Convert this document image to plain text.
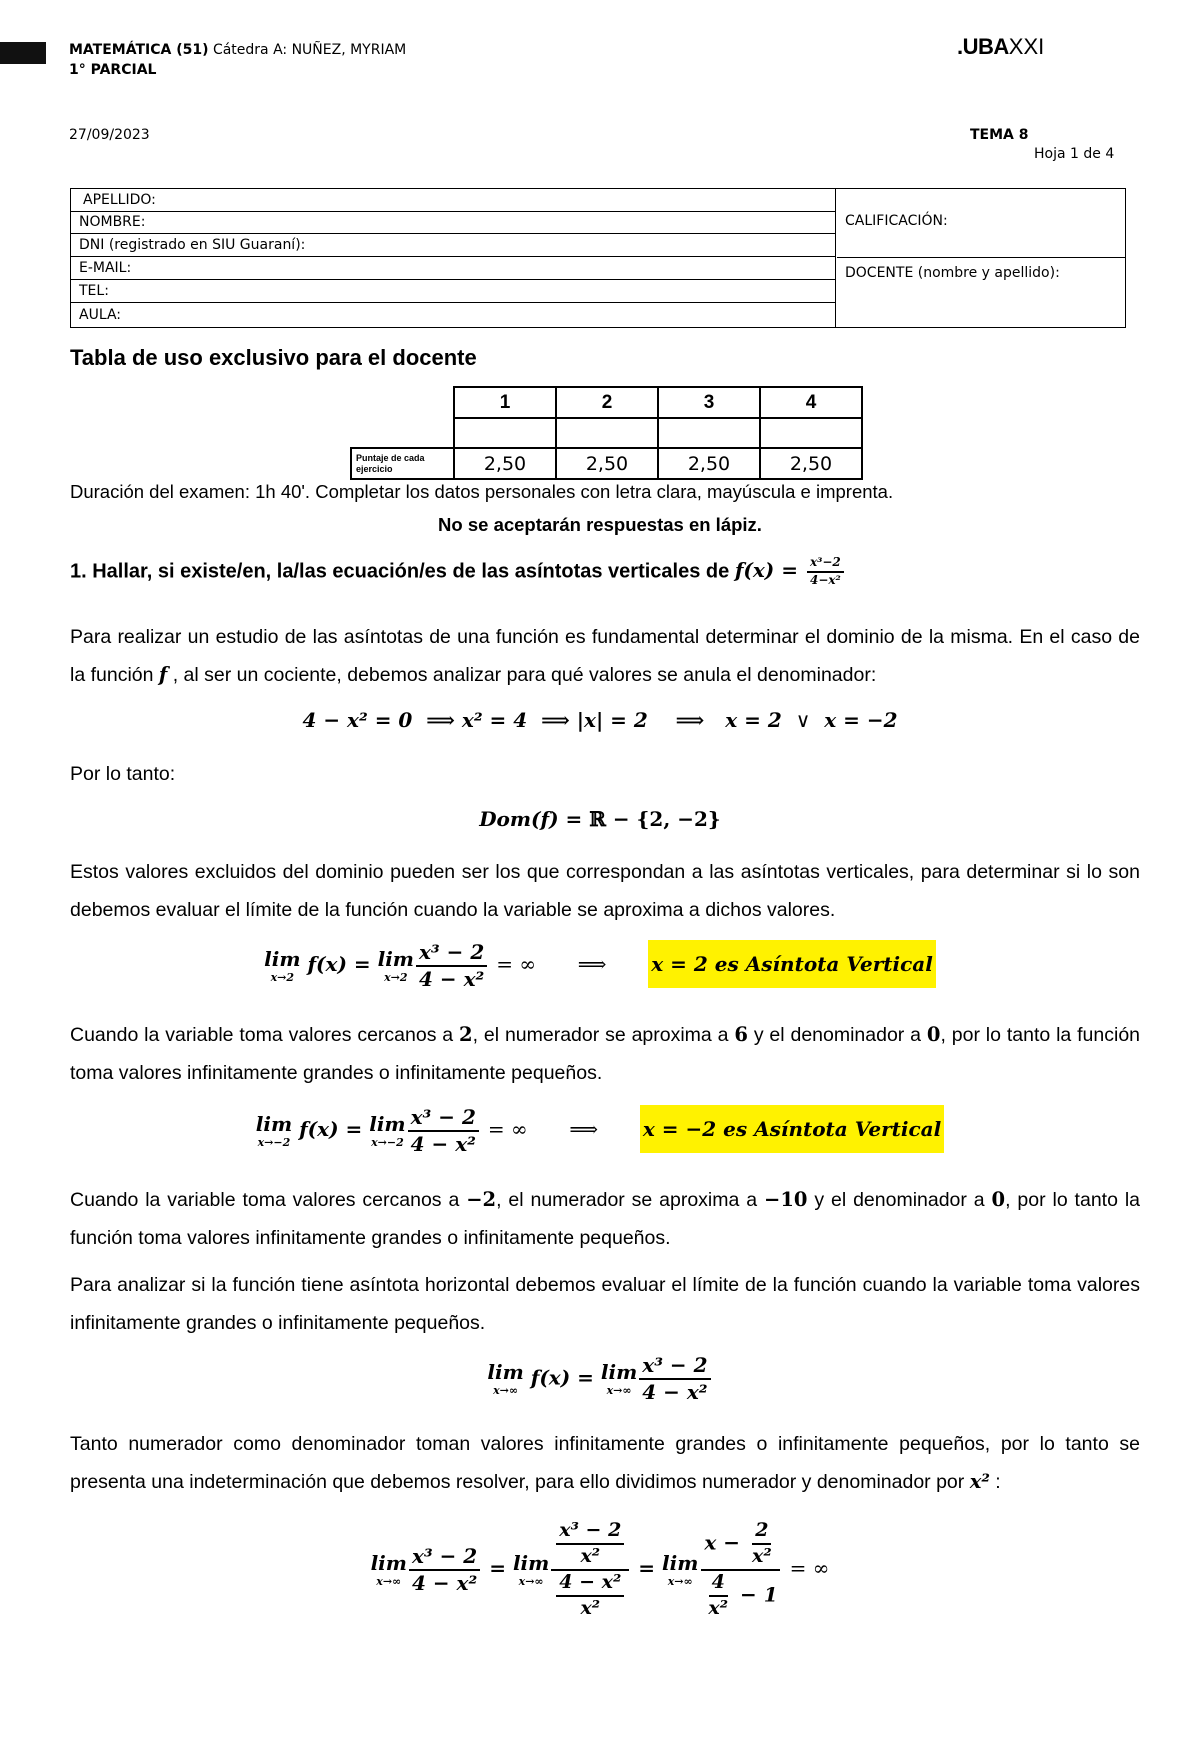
MATEMÁTICA (51) Cátedra A: NUÑEZ, MYRIAM
1° PARCIAL
.UBAXXI
27/09/2023	TEMA 8
Hoja 1 de 4
APELLIDO:
NOMBRE:
DNI (registrado en SIU Guaraní):
E-MAIL:
TEL:
AULA:
CALIFICACIÓN:
DOCENTE (nombre y apellido):
Tabla de uso exclusivo para el docente
	1	2	3	4

Puntaje de cada ejercicio	2,50	2,50	2,50	2,50
Duración del examen: 1h 40'. Completar los datos personales con letra clara, mayúscula e imprenta.
No se aceptarán respuestas en lápiz.
1. Hallar, si existe/en, la/las ecuación/es de las asíntotas verticales de $f(x) = \frac{\text{x³−2}}{\text{4−x²}}$
Para realizar un estudio de las asíntotas de una función es fundamental determinar el dominio de la misma. En el caso de la función f , al ser un cociente, debemos analizar para qué valores se anula el denominador:
4 − x² = 0  ⟹ x² = 4  ⟹ |x| = 2    ⟹   x = 2  ∨  x = −2
Por lo tanto:
Dom(f) = ℝ − {2, −2}
Estos valores excluidos del dominio pueden ser los que correspondan a las asíntotas verticales, para determinar si lo son debemos evaluar el límite de la función cuando la variable se aproxima a dichos valores.
lim
x→2
f(x) = lim
$x\to 2 \frac{\text{x³ − 2}}{\text{4 − x²}}$ = ∞ ⟹ x = 2 es Asíntota Vertical
Cuando la variable toma valores cercanos a 2, el numerador se aproxima a 6 y el denominador a 0, por lo tanto la función toma valores infinitamente grandes o infinitamente pequeños.
lim
x→−2
f(x) = lim
$x\to-2 \frac{\text{x³ − 2}}{\text{4 − x²}}$ = ∞ ⟹ x = −2 es Asíntota Vertical
Cuando la variable toma valores cercanos a −2, el numerador se aproxima a −10 y el denominador a 0, por lo tanto la función toma valores infinitamente grandes o infinitamente pequeños.
Para analizar si la función tiene asíntota horizontal debemos evaluar el límite de la función cuando la variable toma valores infinitamente grandes o infinitamente pequeños.
lim
x→∞
f(x) = lim
$x\to\infty \frac{\text{x³ − 2}}{\text{4 − x²}}$
Tanto numerador como denominador toman valores infinitamente grandes o infinitamente pequeños, por lo tanto se presenta una indeterminación que debemos resolver, para ello dividimos numerador y denominador por x² :
lim
$x\to\infty \frac{\text{x³ − 2}}{\text{4 − x²}} = \lim$
$x\to\infty \frac{\frac{\text{x³ − 2}}{\text{x²}}}{\frac{\text{4 − x²}}{\text{x²}}} = \lim$
$x\to\infty \frac{x - \frac{2}{\text{x²}}}{\frac{4}{\text{x²}} - 1}$ = ∞
